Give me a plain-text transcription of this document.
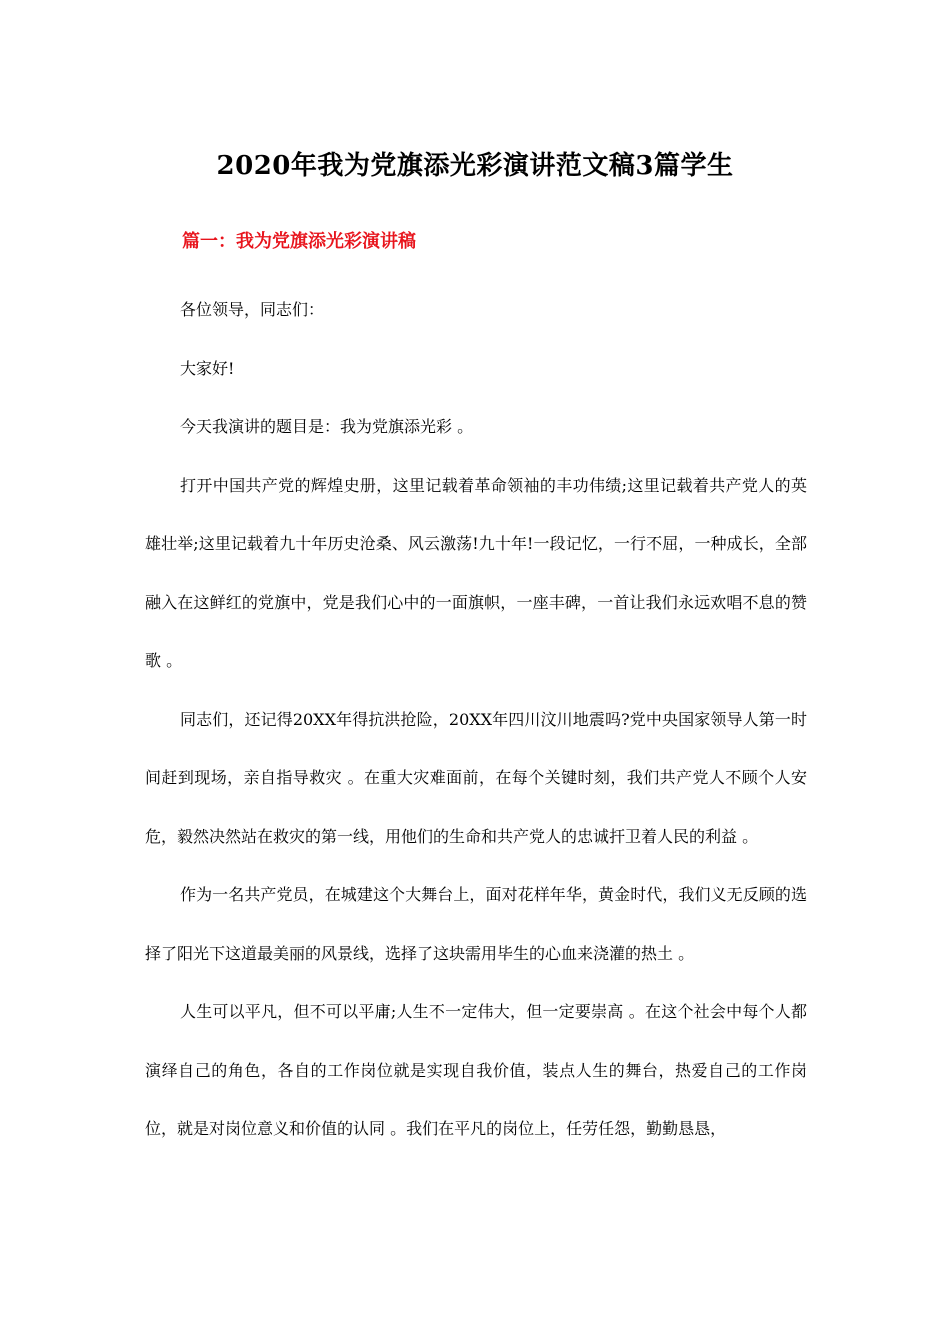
2020年我为党旗添光彩演讲范文稿3篇学生
篇一：我为党旗添光彩演讲稿

各位领导，同志们：

大家好!

今天我演讲的题目是：我为党旗添光彩 。

打开中国共产党的辉煌史册，这里记载着革命领袖的丰功伟绩;这里记载着共产党人的英雄壮举;这里记载着九十年历史沧桑、风云激荡!九十年!一段记忆，一行不屈，一种成长，全部融入在这鲜红的党旗中，党是我们心中的一面旗帜，一座丰碑，一首让我们永远欢唱不息的赞歌 。

同志们，还记得20XX年得抗洪抢险，20XX年四川汶川地震吗?党中央国家领导人第一时间赶到现场，亲自指导救灾 。在重大灾难面前，在每个关键时刻，我们共产党人不顾个人安危，毅然决然站在救灾的第一线，用他们的生命和共产党人的忠诚扞卫着人民的利益 。

作为一名共产党员，在城建这个大舞台上，面对花样年华，黄金时代，我们义无反顾的选择了阳光下这道最美丽的风景线，选择了这块需用毕生的心血来浇灌的热土 。

人生可以平凡，但不可以平庸;人生不一定伟大，但一定要崇高 。在这个社会中每个人都演绎自己的角色，各自的工作岗位就是实现自我价值，装点人生的舞台，热爱自己的工作岗位，就是对岗位意义和价值的认同 。我们在平凡的岗位上，任劳任怨，勤勤恳恳，
